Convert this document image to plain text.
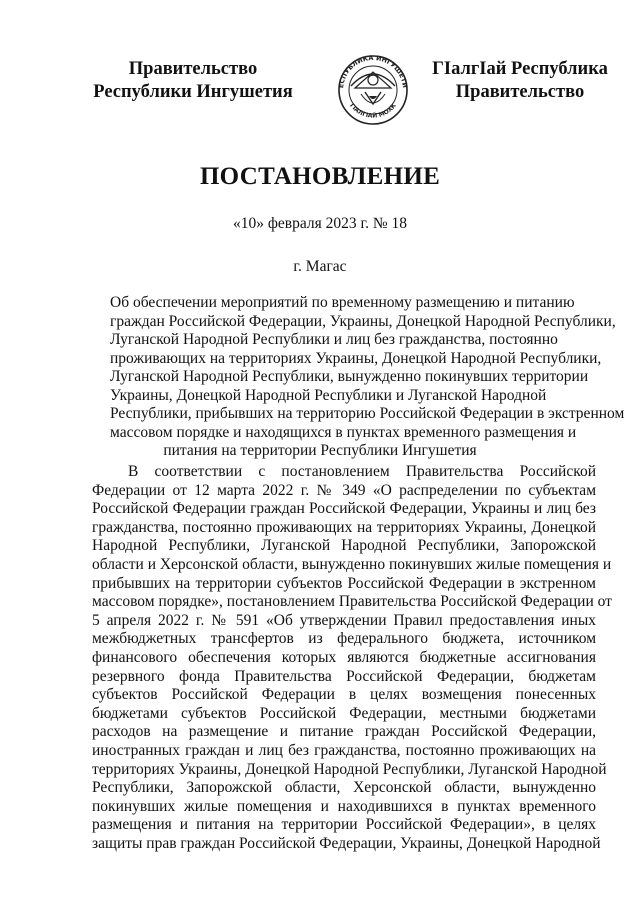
Правительство
Республики Ингушетия	ЕСПУБЛИКА ИНГУШЕТИ
ГIАЛГIАЙ МОХК
ГIалгIай Республика
Правительство
ПОСТАНОВЛЕНИЕ
«10» февраля 2023 г. № 18
г. Магас
Об обеспечении мероприятий по временному размещению и питанию
граждан Российской Федерации, Украины, Донецкой Народной Республики,
Луганской Народной Республики и лиц без гражданства, постоянно
проживающих на территориях Украины, Донецкой Народной Республики,
Луганской Народной Республики, вынужденно покинувших территории
Украины, Донецкой Народной Республики и Луганской Народной
Республики, прибывших на территорию Российской Федерации в экстренном
массовом порядке и находящихся в пунктах временного размещения и
питания на территории Республики Ингушетия
В соответствии с постановлением Правительства Российской
Федерации от 12 марта 2022 г. № 349 «О распределении по субъектам
Российской Федерации граждан Российской Федерации, Украины и лиц без
гражданства, постоянно проживающих на территориях Украины, Донецкой
Народной Республики, Луганской Народной Республики, Запорожской
области и Херсонской области, вынужденно покинувших жилые помещения и
прибывших на территории субъектов Российской Федерации в экстренном
массовом порядке», постановлением Правительства Российской Федерации от
5 апреля 2022 г. № 591 «Об утверждении Правил предоставления иных
межбюджетных трансфертов из федерального бюджета, источником
финансового обеспечения которых являются бюджетные ассигнования
резервного фонда Правительства Российской Федерации, бюджетам
субъектов Российской Федерации в целях возмещения понесенных
бюджетами субъектов Российской Федерации, местными бюджетами
расходов на размещение и питание граждан Российской Федерации,
иностранных граждан и лиц без гражданства, постоянно проживающих на
территориях Украины, Донецкой Народной Республики, Луганской Народной
Республики, Запорожской области, Херсонской области, вынужденно
покинувших жилые помещения и находившихся в пунктах временного
размещения и питания на территории Российской Федерации», в целях
защиты прав граждан Российской Федерации, Украины, Донецкой Народной
